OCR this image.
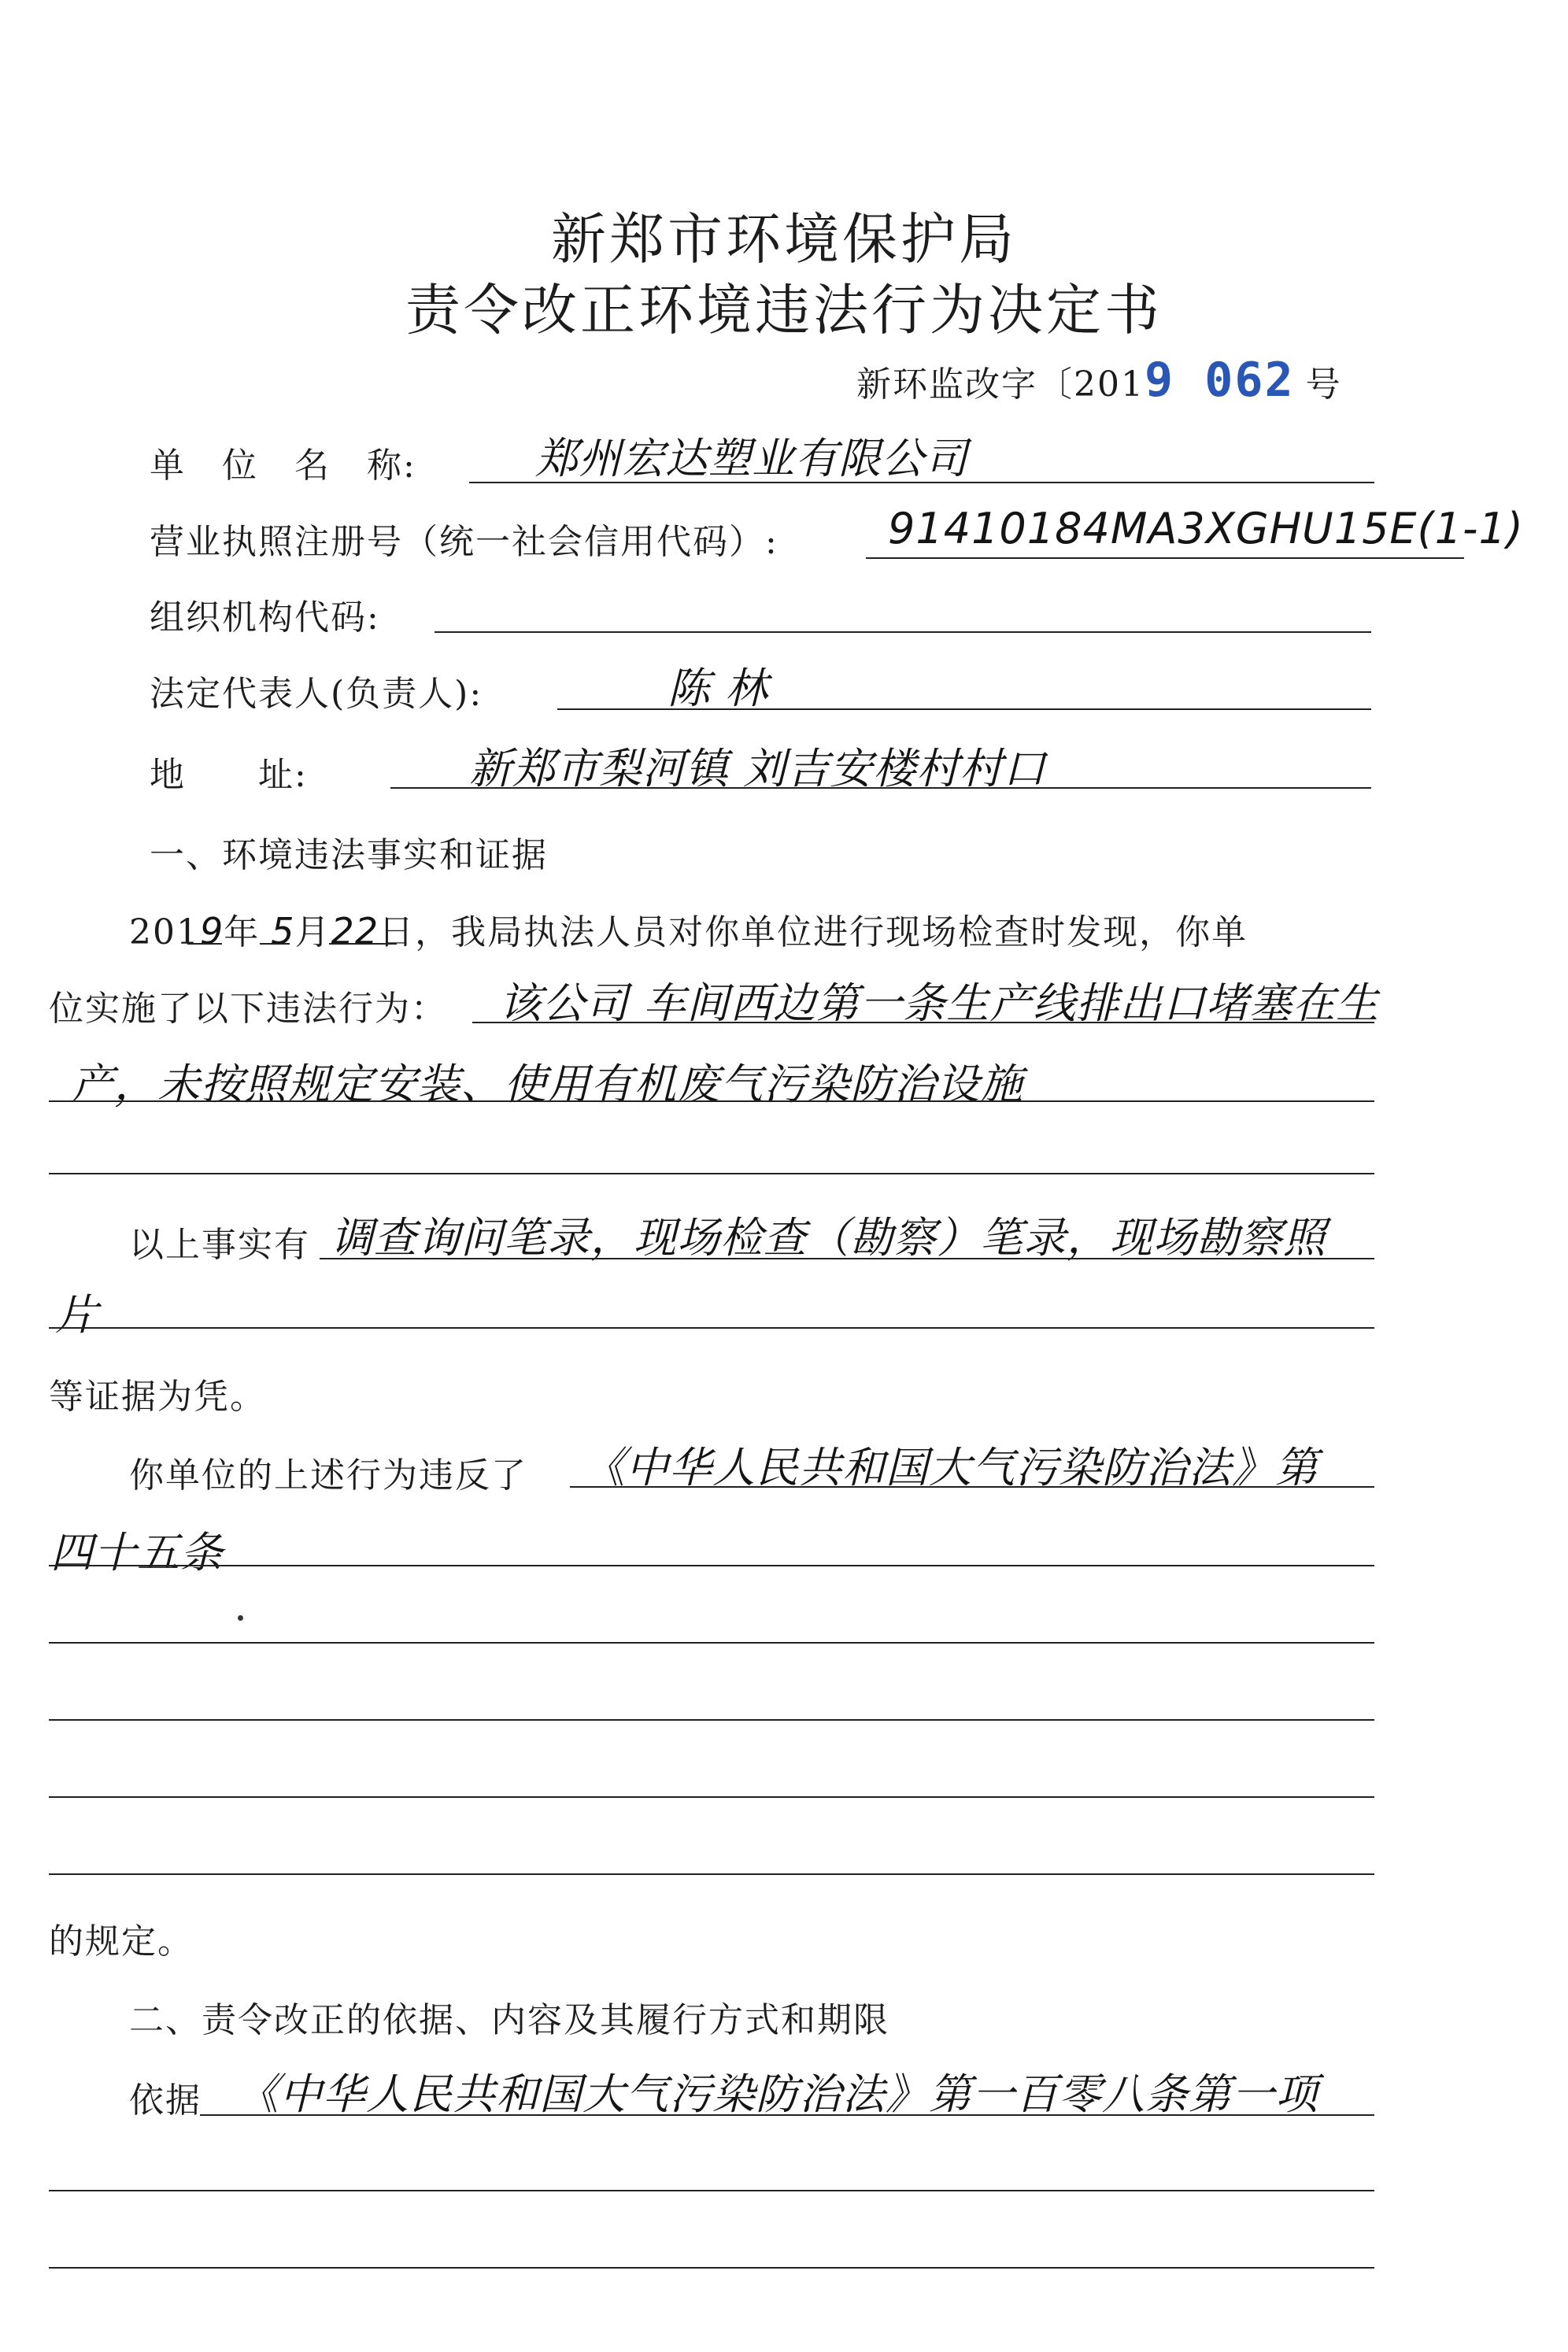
新郑市环境保护局
责令改正环境违法行为决定书
新环监改字〔2019 062 号
单　位　名　称:	郑州宏达塑业有限公司
营业执照注册号（统一社会信用代码）:	91410184MA3XGHU15E(1-1)
组织机构代码:
法定代表人(负责人):	陈 林
地　　址:	新郑市梨河镇 刘吉安楼村村口
一、环境违法事实和证据
2019年 5月22日，我局执法人员对你单位进行现场检查时发现，你单
位实施了以下违法行为： 该公司 车间西边第一条生产线排出口堵塞在生
产，未按照规定安装、使用有机废气污染防治设施
以上事实有 调查询问笔录，现场检查（勘察）笔录，现场勘察照
片
等证据为凭。
你单位的上述行为违反了 《中华人民共和国大气污染防治法》第
四十五条
的规定。
二、责令改正的依据、内容及其履行方式和期限
依据 《中华人民共和国大气污染防治法》第一百零八条第一项
